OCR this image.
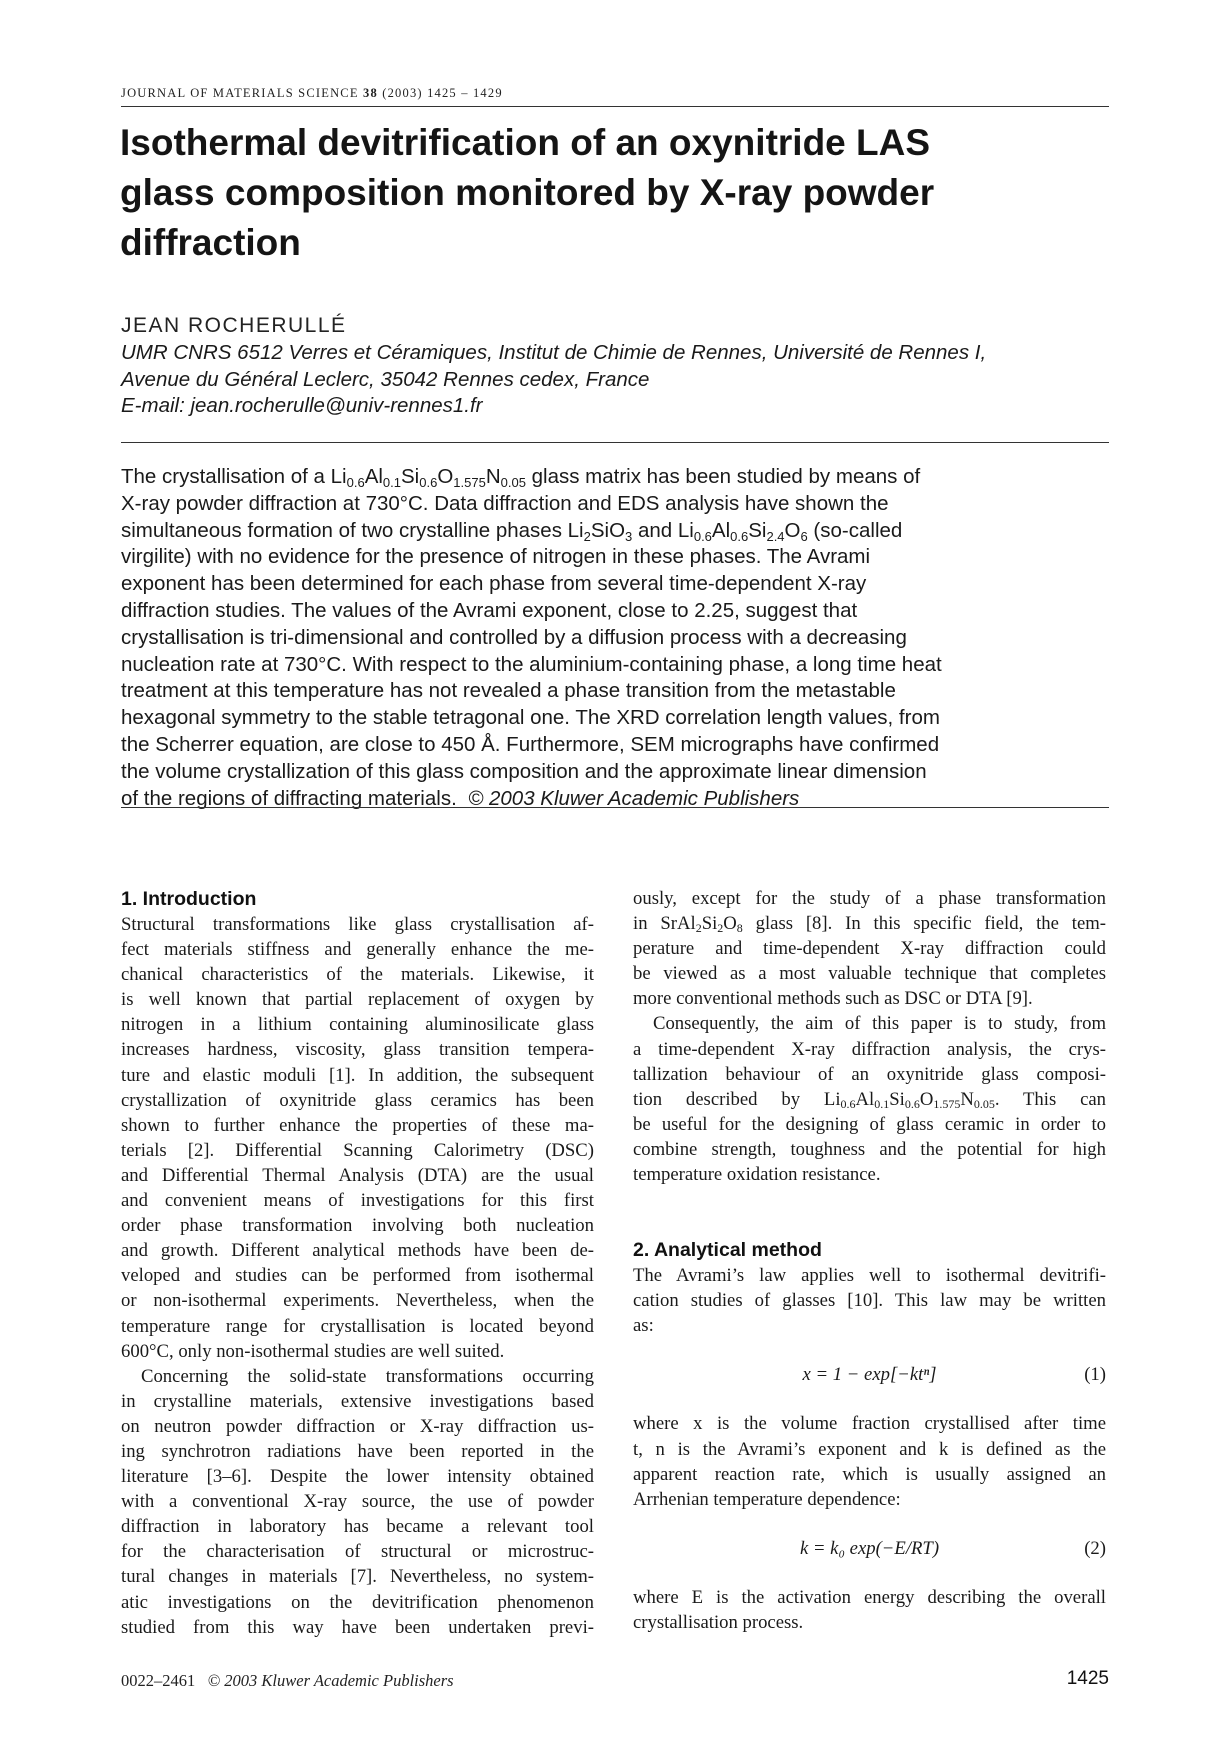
JOURNAL OF MATERIALS SCIENCE 38 (2003) 1425 – 1429
Isothermal devitrification of an oxynitride LAS
glass composition monitored by X-ray powder
diffraction
JEAN ROCHERULLÉ
UMR CNRS 6512 Verres et Céramiques, Institut de Chimie de Rennes, Université de Rennes I,
Avenue du Général Leclerc, 35042 Rennes cedex, France
E-mail: jean.rocherulle@univ-rennes1.fr
The crystallisation of a $Li_{0.6}Al_{0.1}Si_{0.6}O_{1.575}N_{0.05}$ glass matrix has been studied by means of
X-ray powder diffraction at 730°C. Data diffraction and EDS analysis have shown the
simultaneous formation of two crystalline phases $Li_2SiO_3$ and $Li_{0.6}Al_{0.6}Si_{2.4}O_6$ (so-called
virgilite) with no evidence for the presence of nitrogen in these phases. The Avrami
exponent has been determined for each phase from several time-dependent X-ray
diffraction studies. The values of the Avrami exponent, close to 2.25, suggest that
crystallisation is tri-dimensional and controlled by a diffusion process with a decreasing
nucleation rate at 730°C. With respect to the aluminium-containing phase, a long time heat
treatment at this temperature has not revealed a phase transition from the metastable
hexagonal symmetry to the stable tetragonal one. The XRD correlation length values, from
the Scherrer equation, are close to 450 Å. Furthermore, SEM micrographs have confirmed
the volume crystallization of this glass composition and the approximate linear dimension
of the regions of diffracting materials. © 2003 Kluwer Academic Publishers
1. Introduction
Structural transformations like glass crystallisation af-
fect materials stiffness and generally enhance the me-
chanical characteristics of the materials. Likewise, it
is well known that partial replacement of oxygen by
nitrogen in a lithium containing aluminosilicate glass
increases hardness, viscosity, glass transition tempera-
ture and elastic moduli [1]. In addition, the subsequent
crystallization of oxynitride glass ceramics has been
shown to further enhance the properties of these ma-
terials [2]. Differential Scanning Calorimetry (DSC)
and Differential Thermal Analysis (DTA) are the usual
and convenient means of investigations for this first
order phase transformation involving both nucleation
and growth. Different analytical methods have been de-
veloped and studies can be performed from isothermal
or non-isothermal experiments. Nevertheless, when the
temperature range for crystallisation is located beyond
600°C, only non-isothermal studies are well suited.
Concerning the solid-state transformations occurring
in crystalline materials, extensive investigations based
on neutron powder diffraction or X-ray diffraction us-
ing synchrotron radiations have been reported in the
literature [3–6]. Despite the lower intensity obtained
with a conventional X-ray source, the use of powder
diffraction in laboratory has became a relevant tool
for the characterisation of structural or microstruc-
tural changes in materials [7]. Nevertheless, no system-
atic investigations on the devitrification phenomenon
studied from this way have been undertaken previ-
ously, except for the study of a phase transformation
in $SrAl_2Si_2O_8$ glass [8]. In this specific field, the tem-
perature and time-dependent X-ray diffraction could
be viewed as a most valuable technique that completes
more conventional methods such as DSC or DTA [9].
Consequently, the aim of this paper is to study, from
a time-dependent X-ray diffraction analysis, the crys-
tallization behaviour of an oxynitride glass composi-
tion described by $Li_{0.6}Al_{0.1}Si_{0.6}O_{1.575}N_{0.05}$. This can
be useful for the designing of glass ceramic in order to
combine strength, toughness and the potential for high
temperature oxidation resistance.
2. Analytical method
The Avrami’s law applies well to isothermal devitrifi-
cation studies of glasses [10]. This law may be written
as:
x = 1 − exp[−ktⁿ]	(1)
where x is the volume fraction crystallised after time
t, n is the Avrami’s exponent and k is defined as the
apparent reaction rate, which is usually assigned an
Arrhenian temperature dependence:
k = k₀ exp(−E/RT)	(2)
where E is the activation energy describing the overall
crystallisation process.
0022–2461 © 2003 Kluwer Academic Publishers	1425
